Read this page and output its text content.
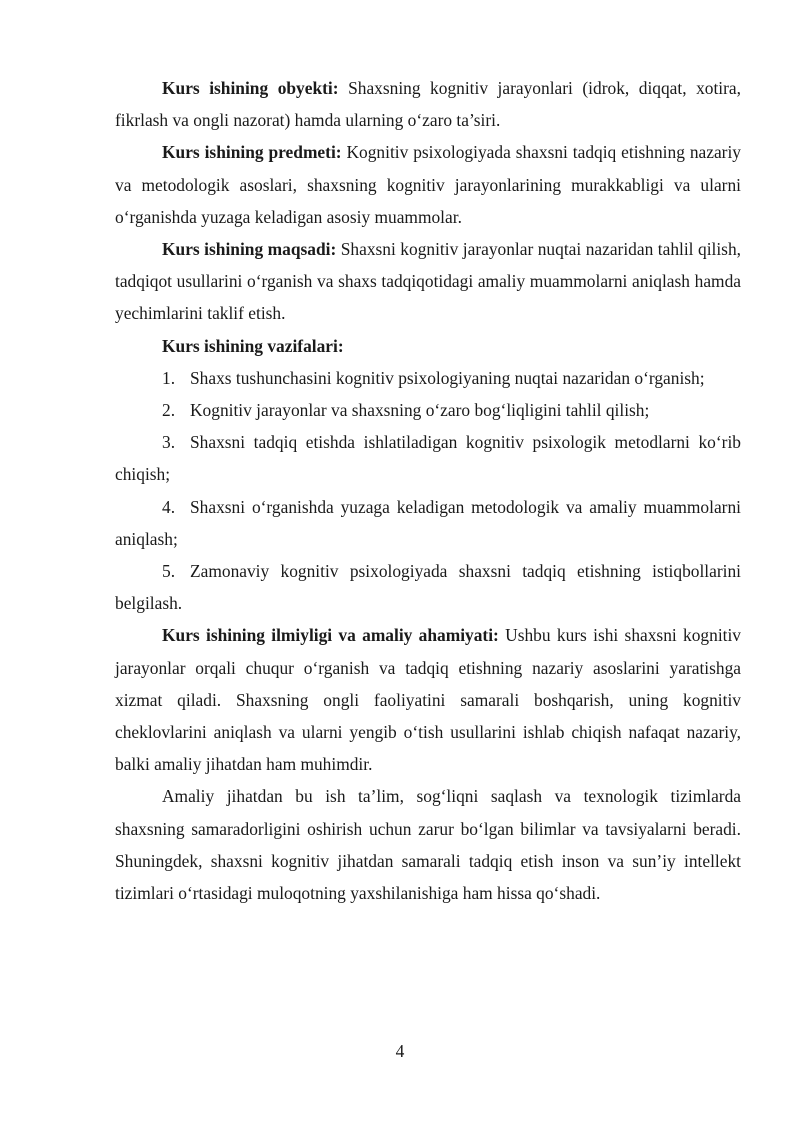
Kurs ishining obyekti: Shaxsning kognitiv jarayonlari (idrok, diqqat, xotira, fikrlash va ongli nazorat) hamda ularning o‘zaro ta’siri.

Kurs ishining predmeti: Kognitiv psixologiyada shaxsni tadqiq etishning nazariy va metodologik asoslari, shaxsning kognitiv jarayonlarining murakkabligi va ularni o‘rganishda yuzaga keladigan asosiy muammolar.

Kurs ishining maqsadi: Shaxsni kognitiv jarayonlar nuqtai nazaridan tahlil qilish, tadqiqot usullarini o‘rganish va shaxs tadqiqotidagi amaliy muammolarni aniqlash hamda yechimlarini taklif etish.

Kurs ishining vazifalari:

1. Shaxs tushunchasini kognitiv psixologiyaning nuqtai nazaridan o‘rganish;

2. Kognitiv jarayonlar va shaxsning o‘zaro bog‘liqligini tahlil qilish;

3. Shaxsni tadqiq etishda ishlatiladigan kognitiv psixologik metodlarni ko‘rib chiqish;

4. Shaxsni o‘rganishda yuzaga keladigan metodologik va amaliy muammolarni aniqlash;

5. Zamonaviy kognitiv psixologiyada shaxsni tadqiq etishning istiqbollarini belgilash.

Kurs ishining ilmiyligi va amaliy ahamiyati: Ushbu kurs ishi shaxsni kognitiv jarayonlar orqali chuqur o‘rganish va tadqiq etishning nazariy asoslarini yaratishga xizmat qiladi. Shaxsning ongli faoliyatini samarali boshqarish, uning kognitiv cheklovlarini aniqlash va ularni yengib o‘tish usullarini ishlab chiqish nafaqat nazariy, balki amaliy jihatdan ham muhimdir.

Amaliy jihatdan bu ish ta’lim, sog‘liqni saqlash va texnologik tizimlarda shaxsning samaradorligini oshirish uchun zarur bo‘lgan bilimlar va tavsiyalarni beradi. Shuningdek, shaxsni kognitiv jihatdan samarali tadqiq etish inson va sun’iy intellekt tizimlari o‘rtasidagi muloqotning yaxshilanishiga ham hissa qo‘shadi.

4
